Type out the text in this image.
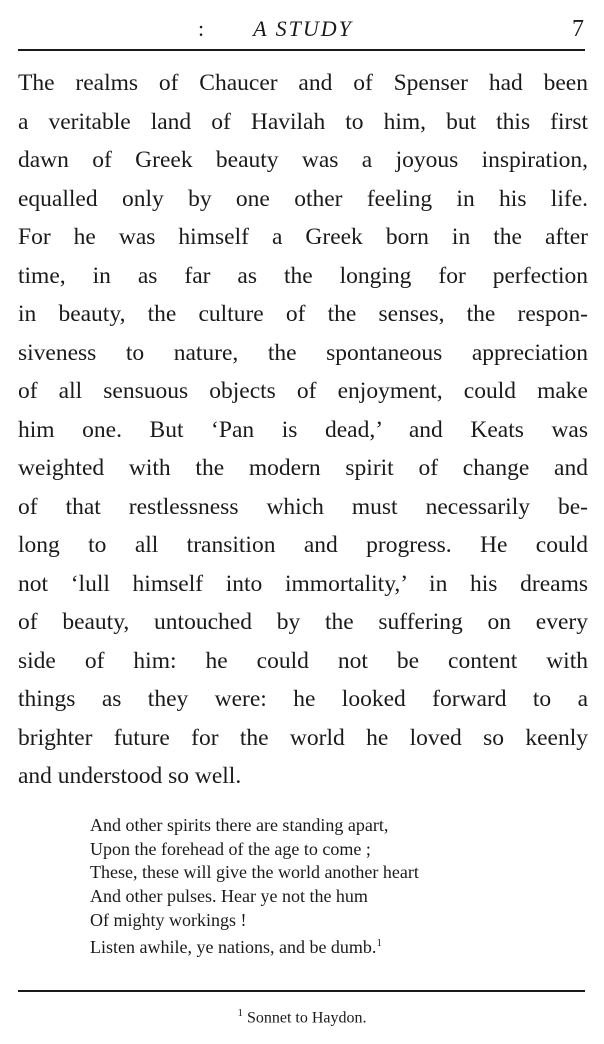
:	A STUDY	7
The realms of Chaucer and of Spenser had been
a veritable land of Havilah to him, but this first
dawn of Greek beauty was a joyous inspiration,
equalled only by one other feeling in his life.
For he was himself a Greek born in the after
time, in as far as the longing for perfection
in beauty, the culture of the senses, the respon-
siveness to nature, the spontaneous appreciation
of all sensuous objects of enjoyment, could make
him one. But ‘Pan is dead,’ and Keats was
weighted with the modern spirit of change and
of that restlessness which must necessarily be-
long to all transition and progress. He could
not ‘lull himself into immortality,’ in his dreams
of beauty, untouched by the suffering on every
side of him: he could not be content with
things as they were: he looked forward to a
brighter future for the world he loved so keenly
and understood so well.
And other spirits there are standing apart,
Upon the forehead of the age to come ;
These, these will give the world another heart
And other pulses. Hear ye not the hum
Of mighty workings !
Listen awhile, ye nations, and be dumb.$^1$
$^1$ Sonnet to Haydon.
